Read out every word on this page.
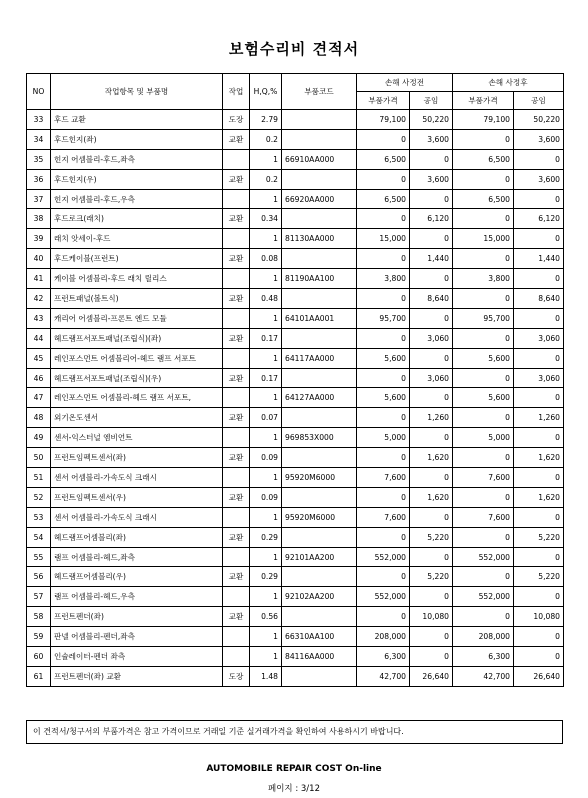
보험수리비 견적서
NO	작업항목 및 부품명	작업	H,Q,%	부품코드	손해 사정전		손해 사정후	
					부품가격	공임	부품가격	공임
33	후드 교환	도장	2.79		79,100	50,220	79,100	50,220
34	후드힌지(좌)	교환	0.2		0	3,600	0	3,600
35	힌지 어셈블리-후드,좌측		1	66910AA000	6,500	0	6,500	0
36	후드힌지(우)	교환	0.2		0	3,600	0	3,600
37	힌지 어셈블리-후드,우측		1	66920AA000	6,500	0	6,500	0
38	후드로크(래치)	교환	0.34		0	6,120	0	6,120
39	래치 앗세이-후드		1	81130AA000	15,000	0	15,000	0
40	후드케이블(프런트)	교환	0.08		0	1,440	0	1,440
41	케이블 어셈블리-후드 래치 릴리스		1	81190AA100	3,800	0	3,800	0
42	프런트패널(볼트식)	교환	0.48		0	8,640	0	8,640
43	캐리어 어셈블리-프론트 엔드 모듈		1	64101AA001	95,700	0	95,700	0
44	헤드램프서포트패널(조립식)(좌)	교환	0.17		0	3,060	0	3,060
45	레인포스먼트 어셈블리어-헤드 램프 서포트		1	64117AA000	5,600	0	5,600	0
46	헤드램프서포트패널(조립식)(우)	교환	0.17		0	3,060	0	3,060
47	레인포스먼트 어셈블리-헤드 램프 서포트,		1	64127AA000	5,600	0	5,600	0
48	외기온도센서	교환	0.07		0	1,260	0	1,260
49	센서-익스터널 엠비언트		1	969853X000	5,000	0	5,000	0
50	프런트임펙트센서(좌)	교환	0.09		0	1,620	0	1,620
51	센서 어셈블리-가속도식 크래시		1	95920M6000	7,600	0	7,600	0
52	프런트임펙트센서(우)	교환	0.09		0	1,620	0	1,620
53	센서 어셈블리-가속도식 크래시		1	95920M6000	7,600	0	7,600	0
54	헤드램프어셈블리(좌)	교환	0.29		0	5,220	0	5,220
55	램프 어셈블리-헤드,좌측		1	92101AA200	552,000	0	552,000	0
56	헤드램프어셈블리(우)	교환	0.29		0	5,220	0	5,220
57	램프 어셈블리-헤드,우측		1	92102AA200	552,000	0	552,000	0
58	프런트펜더(좌)	교환	0.56		0	10,080	0	10,080
59	판넬 어셈블리-펜더,좌측		1	66310AA100	208,000	0	208,000	0
60	인슐레이터-펜더 좌측		1	84116AA000	6,300	0	6,300	0
61	프런트펜더(좌) 교환	도장	1.48		42,700	26,640	42,700	26,640
이 견적서/청구서의 부품가격은 참고 가격이므로 거래일 기준 실거래가격을 확인하여 사용하시기 바랍니다.
AUTOMOBILE REPAIR COST On-line
페이지 : 3/12
